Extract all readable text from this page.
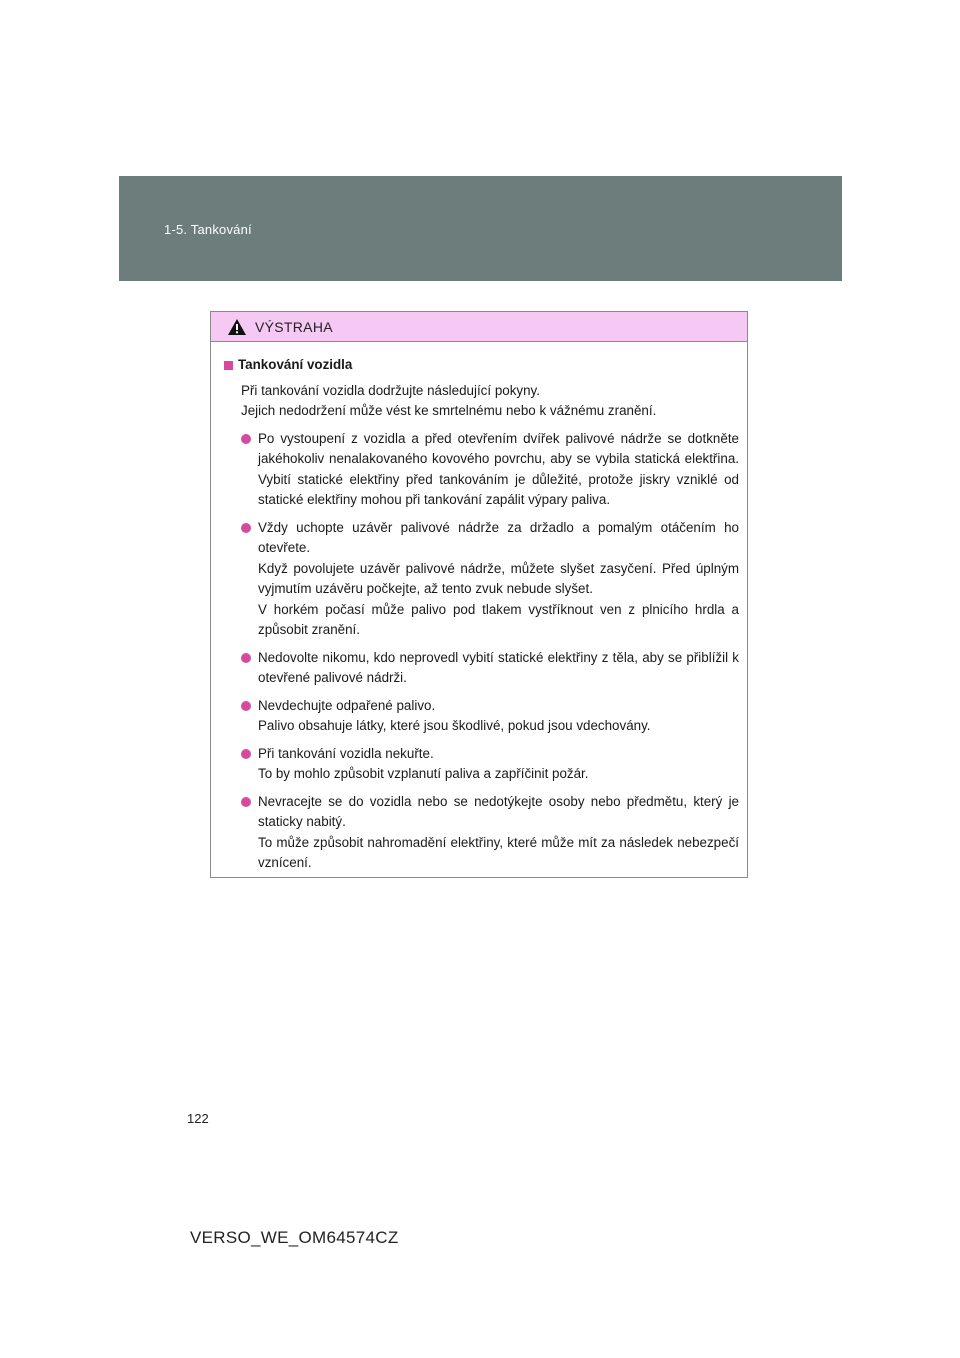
1-5. Tankování
VÝSTRAHA
Tankování vozidla
Při tankování vozidla dodržujte následující pokyny.
Jejich nedodržení může vést ke smrtelnému nebo k vážnému zranění.

Po vystoupení z vozidla a před otevřením dvířek palivové nádrže se dotkněte jakéhokoliv nenalakovaného kovového povrchu, aby se vybila statická elektřina. Vybití statické elektřiny před tankováním je důležité, protože jiskry vzniklé od statické elektřiny mohou při tankování zapálit výpary paliva.

Vždy uchopte uzávěr palivové nádrže za držadlo a pomalým otáčením ho otevřete.

Když povolujete uzávěr palivové nádrže, můžete slyšet zasyčení. Před úplným vyjmutím uzávěru počkejte, až tento zvuk nebude slyšet.

V horkém počasí může palivo pod tlakem vystříknout ven z plnicího hrdla a způsobit zranění.

Nedovolte nikomu, kdo neprovedl vybití statické elektřiny z těla, aby se přiblížil k otevřené palivové nádrži.

Nevdechujte odpařené palivo.

Palivo obsahuje látky, které jsou škodlivé, pokud jsou vdechovány.

Při tankování vozidla nekuřte.

To by mohlo způsobit vzplanutí paliva a zapříčinit požár.

Nevracejte se do vozidla nebo se nedotýkejte osoby nebo předmětu, který je staticky nabitý.

To může způsobit nahromadění elektřiny, které může mít za následek nebezpečí vznícení.

122
VERSO_WE_OM64574CZ
